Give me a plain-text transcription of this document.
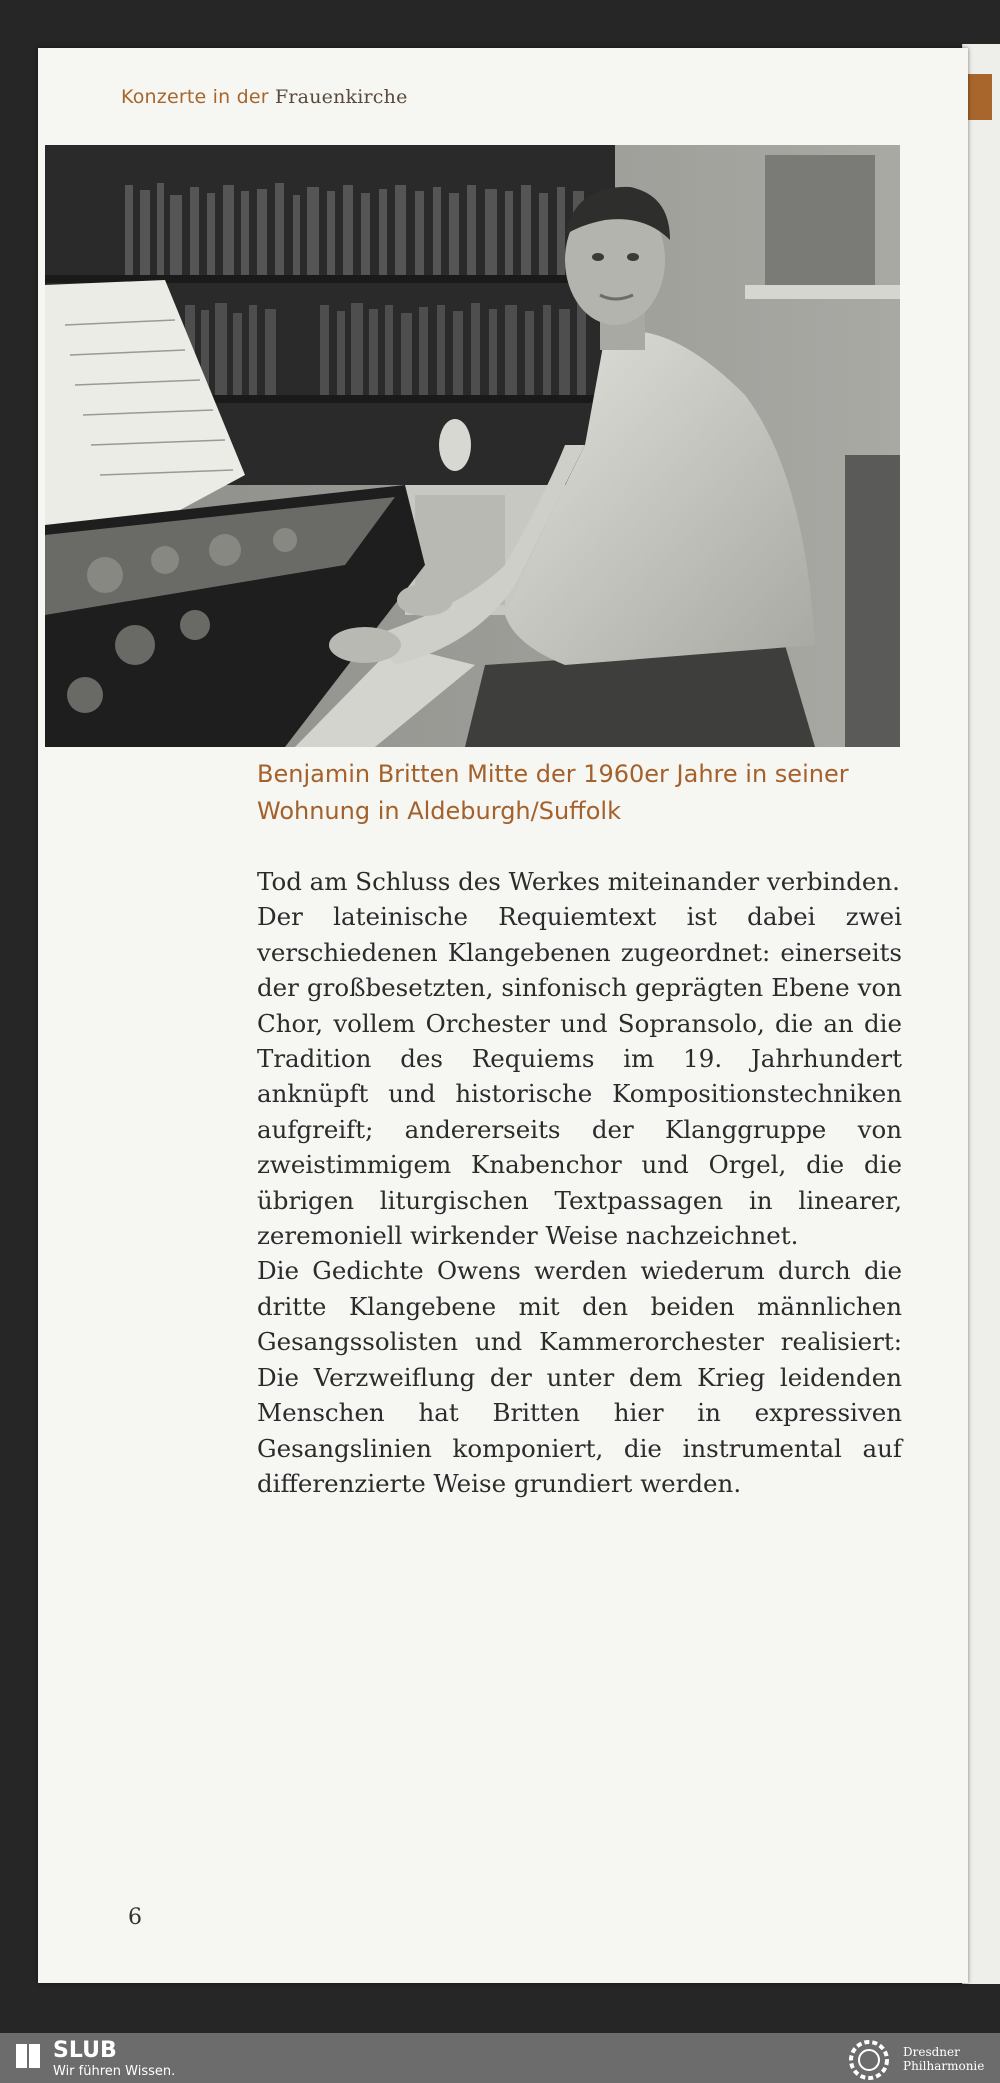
Konzerte in der Frauenkirche
Benjamin Britten Mitte der 1960er Jahre in seiner
Wohnung in Aldeburgh/Suffolk

Tod am Schluss des Werkes miteinander verbinden.

Der lateinische Requiemtext ist dabei zwei verschiedenen Klangebenen zugeordnet: einerseits der großbesetzten, sinfonisch geprägten Ebene von Chor, vollem Orchester und Sopransolo, die an die Tradition des Requiems im 19. Jahrhundert anknüpft und historische Kompositionstechniken aufgreift; andererseits der Klanggruppe von zweistimmigem Knabenchor und Orgel, die die übrigen liturgischen Textpassagen in linearer, zeremoniell wirkender Weise nachzeichnet.

Die Gedichte Owens werden wiederum durch die dritte Klangebene mit den beiden männlichen Gesangssolisten und Kammerorchester realisiert: Die Verzweiflung der unter dem Krieg leidenden Menschen hat Britten hier in expressiven Gesangslinien komponiert, die instrumental auf differenzierte Weise grundiert werden.

6
SLUB
Wir führen Wissen.
Dresdner
Philharmonie
